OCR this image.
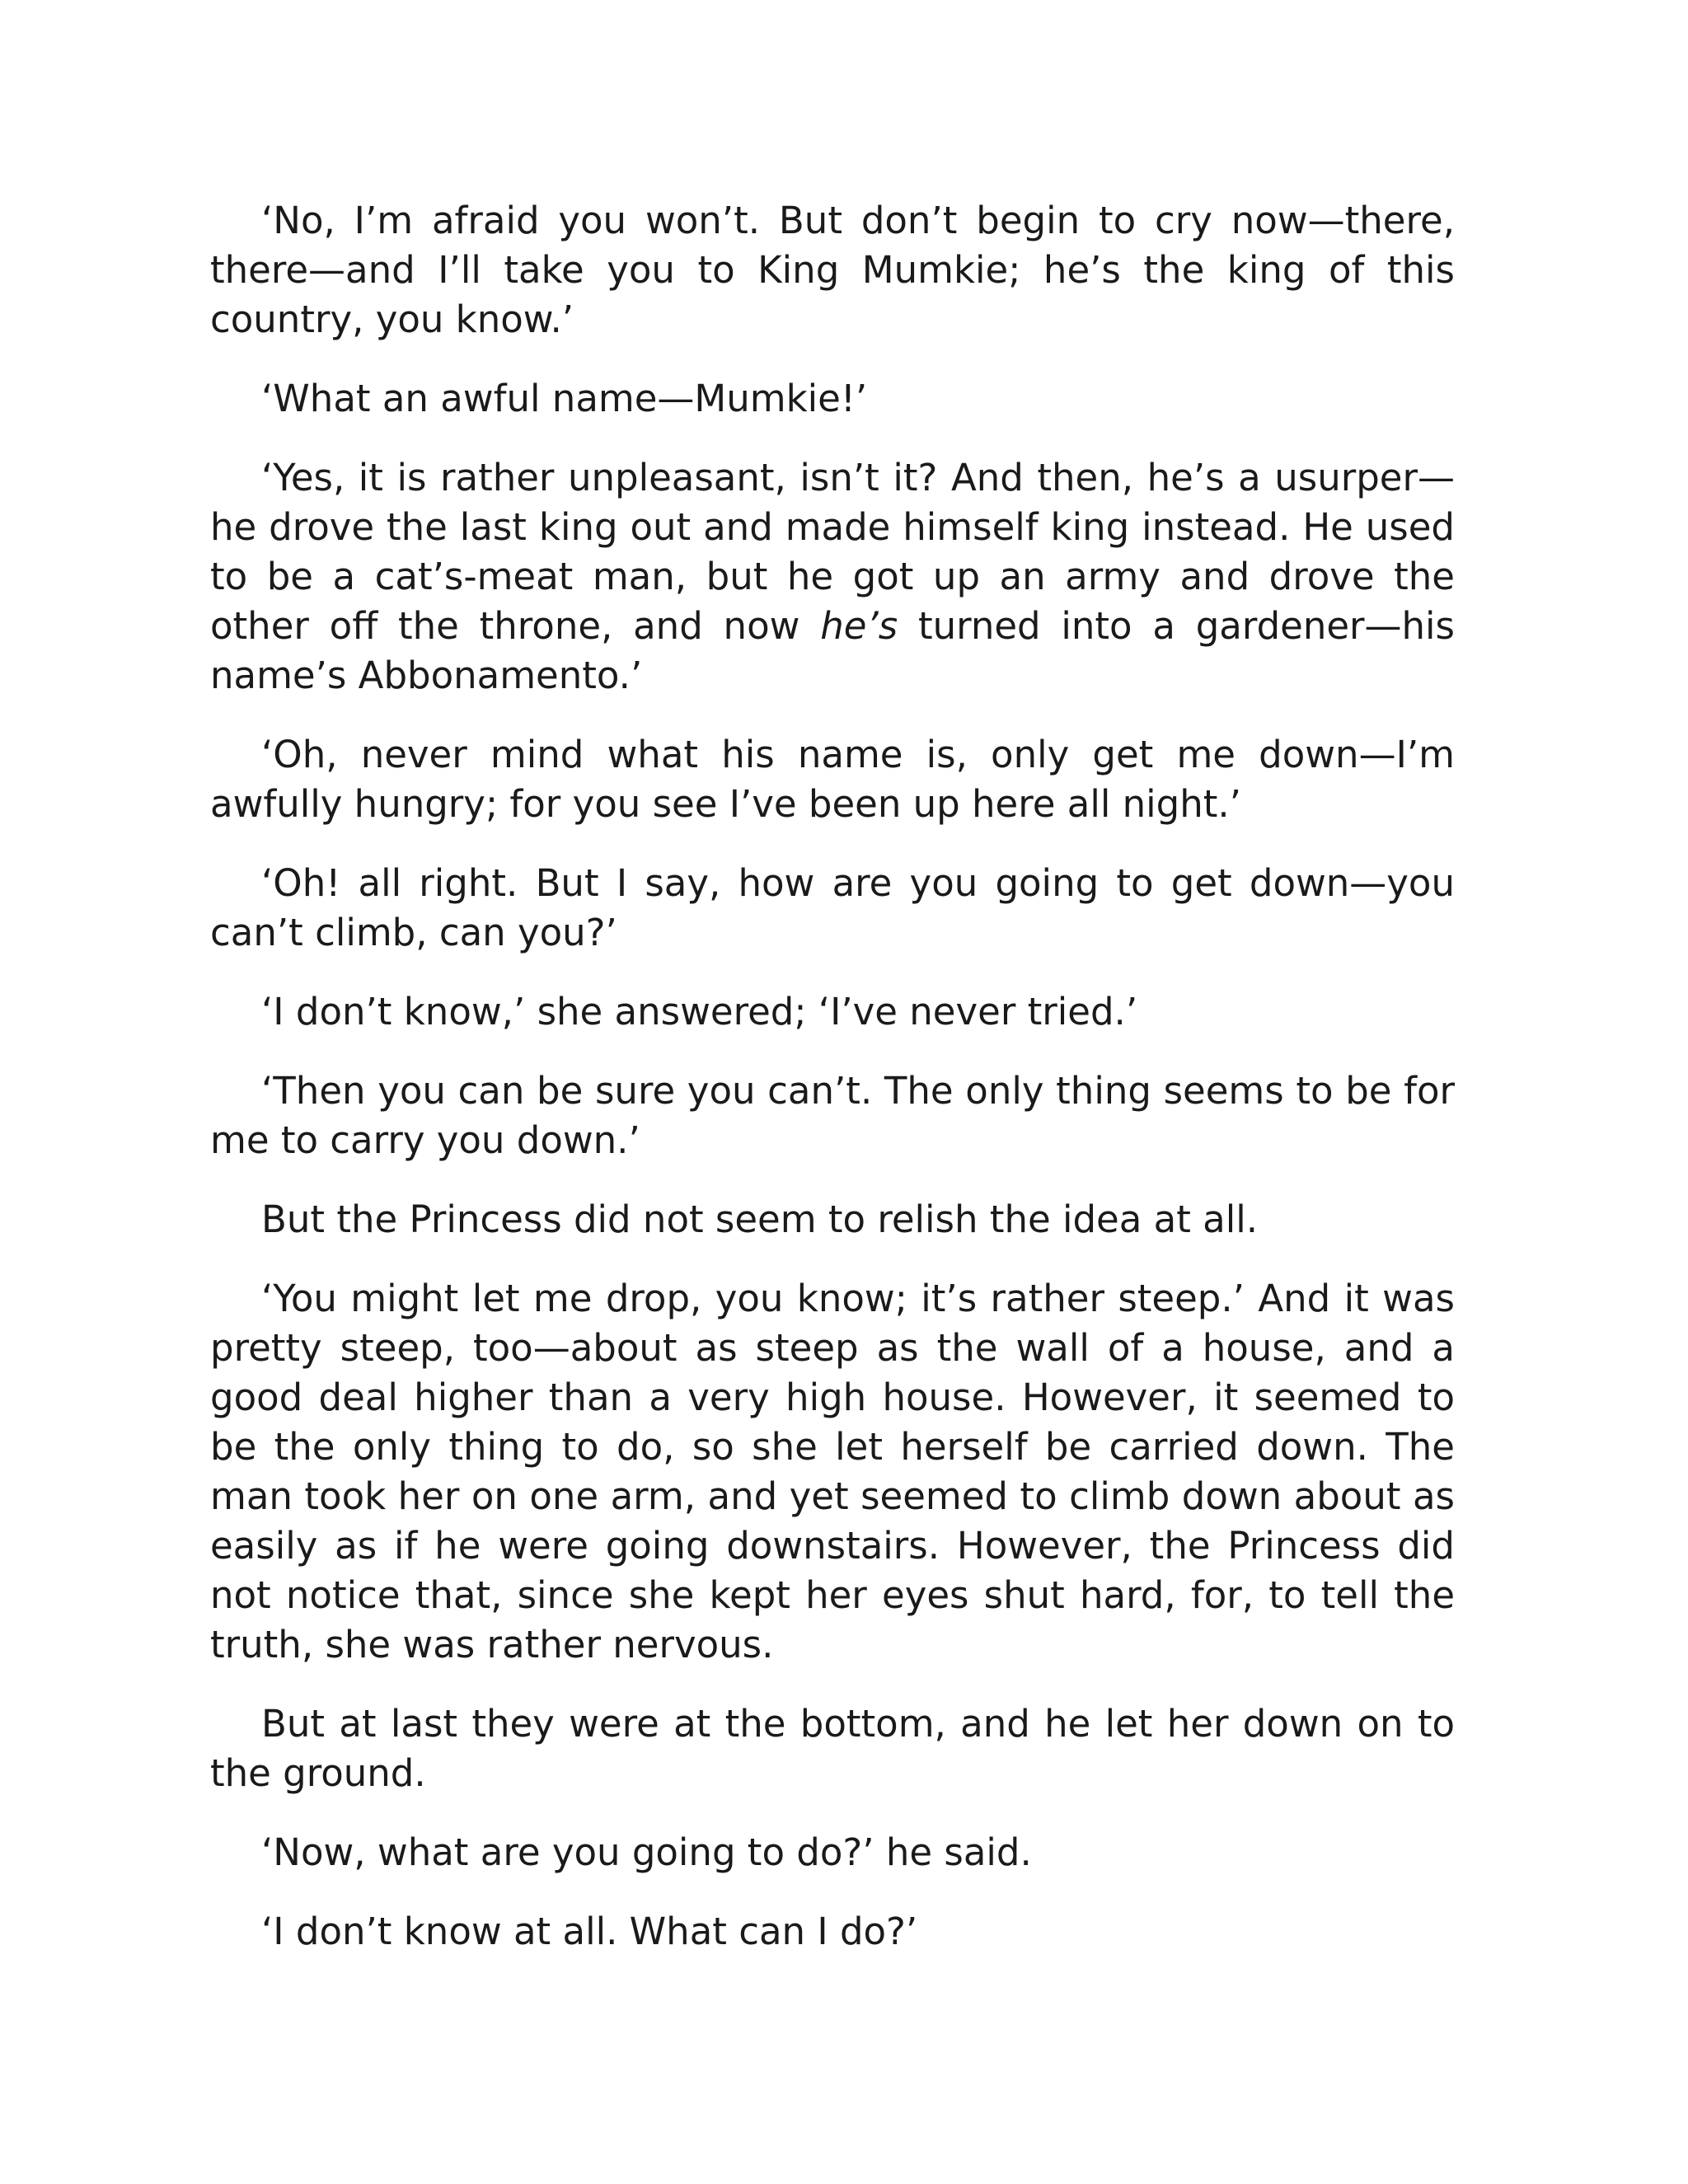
‘No, I’m afraid you won’t. But don’t begin to cry now—there, there—and I’ll take you to King Mumkie; he’s the king of this country, you know.’

‘What an awful name—Mumkie!’

‘Yes, it is rather unpleasant, isn’t it? And then, he’s a usurper—he drove the last king out and made himself king instead. He used to be a cat’s-meat man, but he got up an army and drove the other off the throne, and now he’s turned into a gardener—his name’s Abbonamento.’

‘Oh, never mind what his name is, only get me down—I’m awfully hungry; for you see I’ve been up here all night.’

‘Oh! all right. But I say, how are you going to get down—you can’t climb, can you?’

‘I don’t know,’ she answered; ‘I’ve never tried.’

‘Then you can be sure you can’t. The only thing seems to be for me to carry you down.’

But the Princess did not seem to relish the idea at all.

‘You might let me drop, you know; it’s rather steep.’ And it was pretty steep, too—about as steep as the wall of a house, and a good deal higher than a very high house. However, it seemed to be the only thing to do, so she let herself be carried down. The man took her on one arm, and yet seemed to climb down about as easily as if he were going downstairs. However, the Princess did not notice that, since she kept her eyes shut hard, for, to tell the truth, she was rather nervous.

But at last they were at the bottom, and he let her down on to the ground.

‘Now, what are you going to do?’ he said.

‘I don’t know at all. What can I do?’
